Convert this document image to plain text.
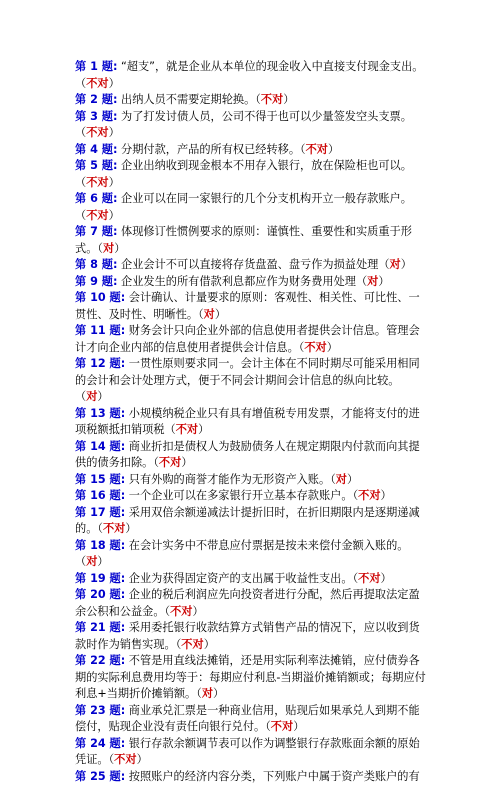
第 1 题: “超支”，就是企业从本单位的现金收入中直接支付现金支出。（不对）

第 2 题: 出纳人员不需要定期轮换。（不对）

第 3 题: 为了打发讨债人员，公司不得于也可以少量签发空头支票。（不对）

第 4 题: 分期付款，产品的所有权已经转移。（不对）

第 5 题: 企业出纳收到现金根本不用存入银行，放在保险柜也可以。（不对）

第 6 题: 企业可以在同一家银行的几个分支机构开立一般存款账户。（不对）

第 7 题: 体现修订性惯例要求的原则：谨慎性、重要性和实质重于形式。（对）

第 8 题: 企业会计不可以直接将存货盘盈、盘亏作为损益处理（对）

第 9 题: 企业发生的所有借款利息都应作为财务费用处理（对）

第 10 题: 会计确认、计量要求的原则：客观性、相关性、可比性、一贯性、及时性、明晰性。（对）

第 11 题: 财务会计只向企业外部的信息使用者提供会计信息。管理会计才向企业内部的信息使用者提供会计信息。（不对）

第 12 题: 一贯性原则要求同一。会计主体在不同时期尽可能采用相同的会计和会计处理方式，便于不同会计期间会计信息的纵向比较。（对）

第 13 题: 小规模纳税企业只有具有增值税专用发票，才能将支付的进项税额抵扣销项税（不对）

第 14 题: 商业折扣是债权人为鼓励债务人在规定期限内付款而向其提供的债务扣除。（不对）

第 15 题: 只有外购的商誉才能作为无形资产入账。（对）

第 16 题: 一个企业可以在多家银行开立基本存款账户。（不对）

第 17 题: 采用双倍余额递减法计提折旧时，在折旧期限内是逐期递减的。（不对）

第 18 题: 在会计实务中不带息应付票据是按未来偿付金额入账的。（对）

第 19 题: 企业为获得固定资产的支出属于收益性支出。（不对）

第 20 题: 企业的税后利润应先向投资者进行分配，然后再提取法定盈余公积和公益金。（不对）

第 21 题: 采用委托银行收款结算方式销售产品的情况下，应以收到货款时作为销售实现。（不对）

第 22 题: 不管是用直线法摊销，还是用实际利率法摊销，应付债券各期的实际利息费用均等于：每期应付利息-当期溢价摊销额或；每期应付利息+当期折价摊销额。（对）

第 23 题: 商业承兑汇票是一种商业信用，贴现后如果承兑人到期不能偿付，贴现企业没有责任向银行兑付。（不对）

第 24 题: 银行存款余额调节表可以作为调整银行存款账面余额的原始凭证。（不对）

第 25 题: 按照账户的经济内容分类，下列账户中属于资产类账户的有
